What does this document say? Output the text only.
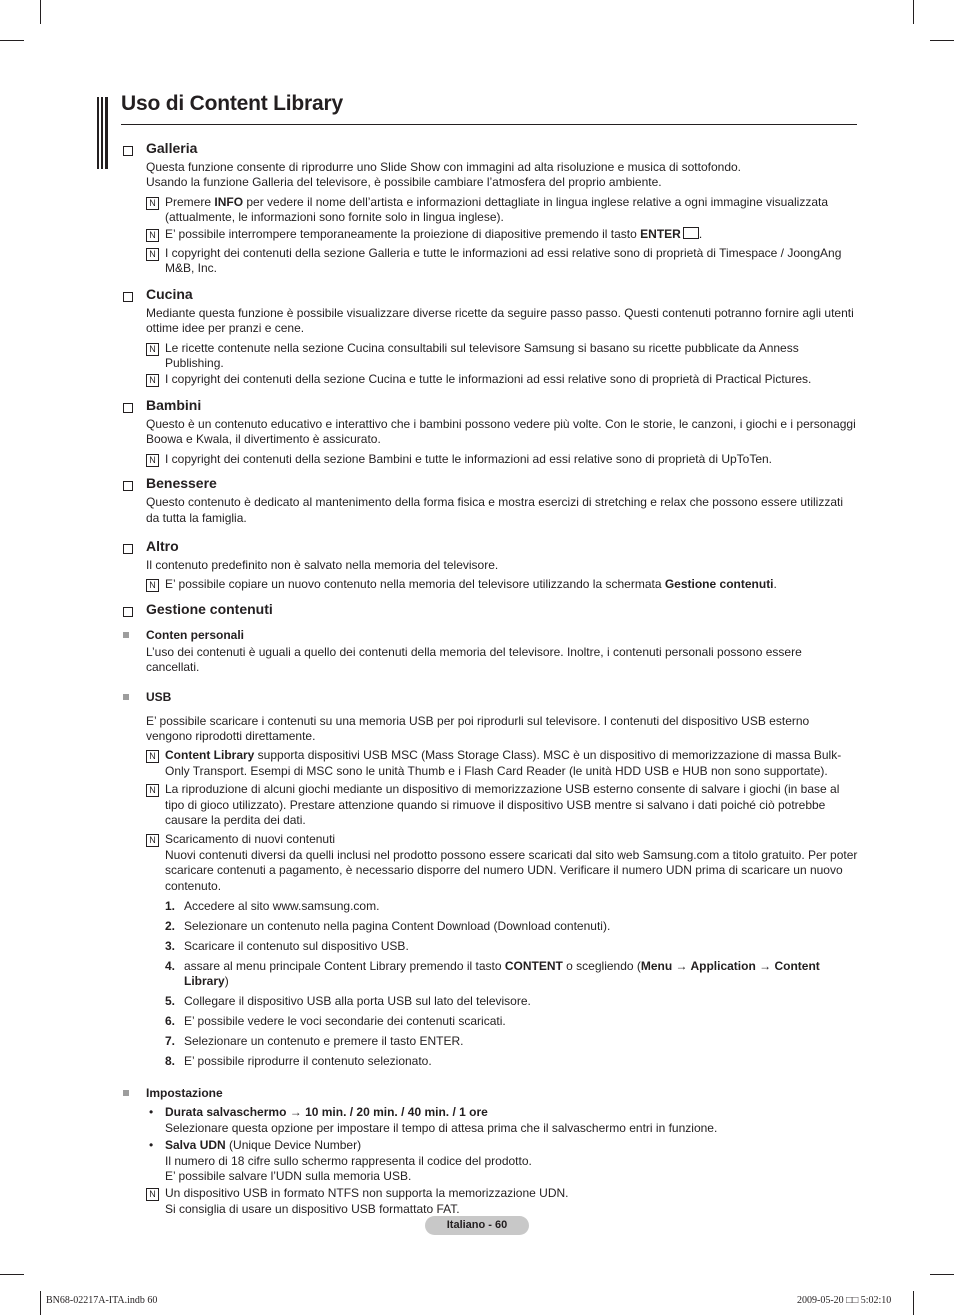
Uso di Content Library
Galleria
Questa funzione consente di riprodurre uno Slide Show con immagini ad alta risoluzione e musica di sottofondo.
Usando la funzione Galleria del televisore, è possibile cambiare l’atmosfera del proprio ambiente.
N Premere INFO per vedere il nome dell’artista e informazioni dettagliate in lingua inglese relative a ogni immagine visualizzata (attualmente, le informazioni sono fornite solo in lingua inglese).
N E’ possibile interrompere temporaneamente la proiezione di diapositive premendo il tasto ENTER .
N I copyright dei contenuti della sezione Galleria e tutte le informazioni ad essi relative sono di proprietà di Timespace / JoongAng M&B, Inc.
Cucina
Mediante questa funzione è possibile visualizzare diverse ricette da seguire passo passo. Questi contenuti potranno fornire agli utenti ottime idee per pranzi e cene.
N Le ricette contenute nella sezione Cucina consultabili sul televisore Samsung si basano su ricette pubblicate da Anness Publishing.
N I copyright dei contenuti della sezione Cucina e tutte le informazioni ad essi relative sono di proprietà di Practical Pictures.
Bambini
Questo è un contenuto educativo e interattivo che i bambini possono vedere più volte. Con le storie, le canzoni, i giochi e i personaggi Boowa e Kwala, il divertimento è assicurato.
N I copyright dei contenuti della sezione Bambini e tutte le informazioni ad essi relative sono di proprietà di UpToTen.
Benessere
Questo contenuto è dedicato al mantenimento della forma fisica e mostra esercizi di stretching e relax che possono essere utilizzati da tutta la famiglia.
Altro
Il contenuto predefinito non è salvato nella memoria del televisore.
N E’ possibile copiare un nuovo contenuto nella memoria del televisore utilizzando la schermata Gestione contenuti.
Gestione contenuti
Conten personali
L’uso dei contenuti è uguali a quello dei contenuti della memoria del televisore. Inoltre, i contenuti personali possono essere cancellati.
USB
E’ possibile scaricare i contenuti su una memoria USB per poi riprodurli sul televisore. I contenuti del dispositivo USB esterno vengono riprodotti direttamente.
N Content Library supporta dispositivi USB MSC (Mass Storage Class). MSC è un dispositivo di memorizzazione di massa Bulk-Only Transport. Esempi di MSC sono le unità Thumb e i Flash Card Reader (le unità HDD USB e HUB non sono supportate).
N La riproduzione di alcuni giochi mediante un dispositivo di memorizzazione USB esterno consente di salvare i giochi (in base al tipo di gioco utilizzato). Prestare attenzione quando si rimuove il dispositivo USB mentre si salvano i dati poiché ciò potrebbe causare la perdita dei dati.
N Scaricamento di nuovi contenuti
Nuovi contenuti diversi da quelli inclusi nel prodotto possono essere scaricati dal sito web Samsung.com a titolo gratuito. Per poter scaricare contenuti a pagamento, è necessario disporre del numero UDN. Verificare il numero UDN prima di scaricare un nuovo contenuto.
1. Accedere al sito www.samsung.com.
2. Selezionare un contenuto nella pagina Content Download (Download contenuti).
3. Scaricare il contenuto sul dispositivo USB.
4. assare al menu principale Content Library premendo il tasto CONTENT o scegliendo (Menu → Application → Content Library)
5. Collegare il dispositivo USB alla porta USB sul lato del televisore.
6. E’ possibile vedere le voci secondarie dei contenuti scaricati.
7. Selezionare un contenuto e premere il tasto ENTER.
8. E’ possibile riprodurre il contenuto selezionato.
Impostazione
• Durata salvaschermo → 10 min. / 20 min. / 40 min. / 1 ore
Selezionare questa opzione per impostare il tempo di attesa prima che il salvaschermo entri in funzione.
• Salva UDN (Unique Device Number)
Il numero di 18 cifre sullo schermo rappresenta il codice del prodotto.
E’ possibile salvare l’UDN sulla memoria USB.
N Un dispositivo USB in formato NTFS non supporta la memorizzazione UDN.
Si consiglia di usare un dispositivo USB formattato FAT.
Italiano - 60
BN68-02217A-ITA.indb 60	2009-05-20 □□ 5:02:10
